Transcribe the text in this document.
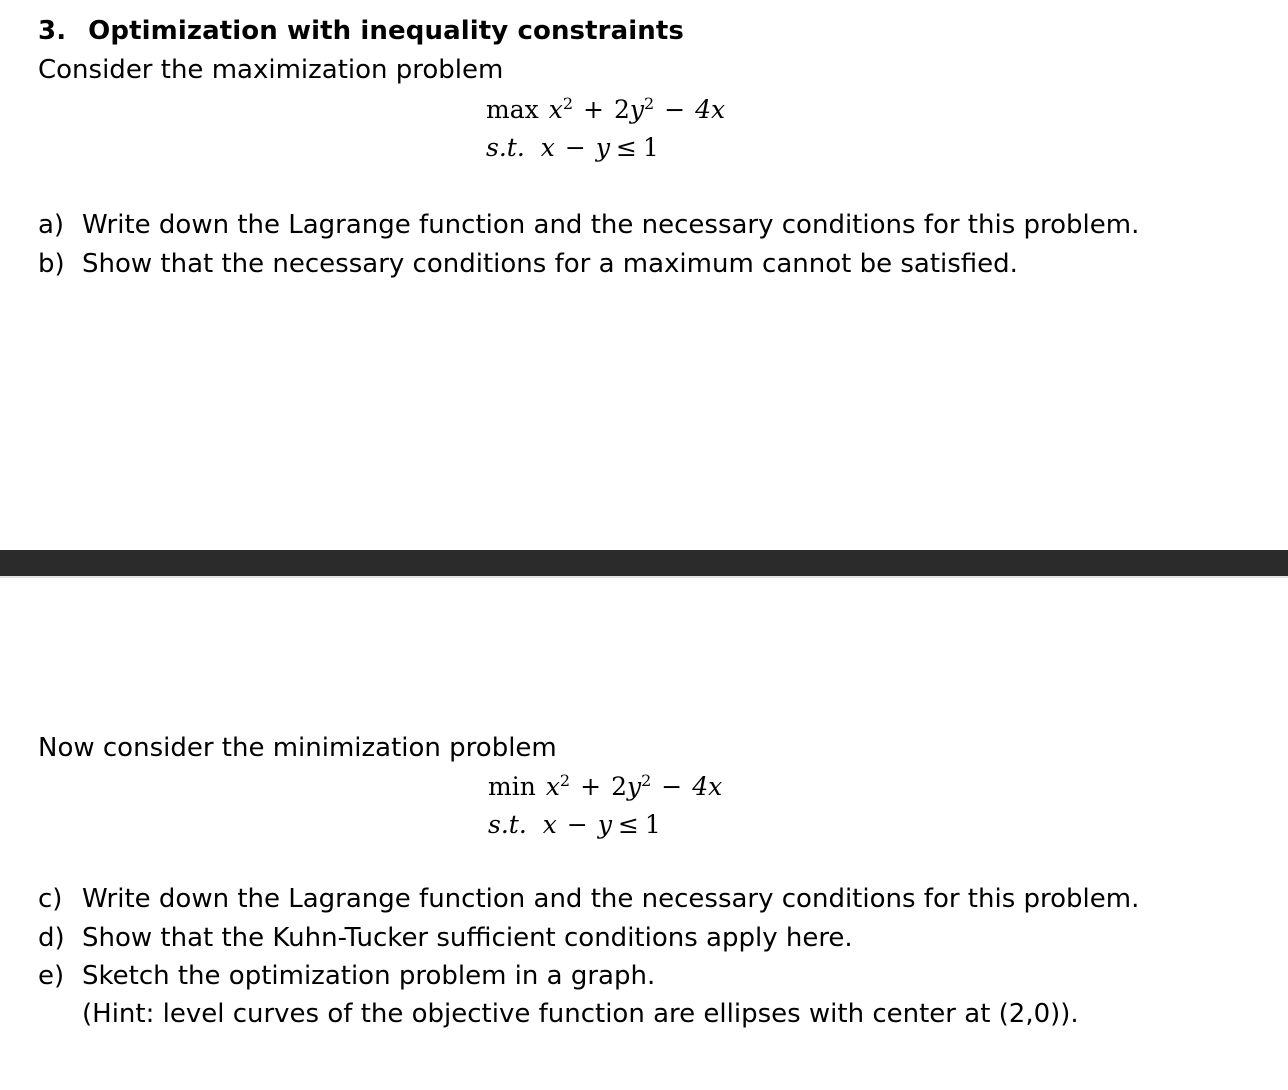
3. Optimization with inequality constraints
Consider the maximization problem
$\max x^2 + 2y^2 - 4x$
s.t. x − y ≤ 1
a) Write down the Lagrange function and the necessary conditions for this problem.
b) Show that the necessary conditions for a maximum cannot be satisfied.
Now consider the minimization problem
$\min x^2 + 2y^2 - 4x$
s.t. x − y ≤ 1
c) Write down the Lagrange function and the necessary conditions for this problem.
d) Show that the Kuhn-Tucker sufficient conditions apply here.
e) Sketch the optimization problem in a graph.
(Hint: level curves of the objective function are ellipses with center at (2,0)).
